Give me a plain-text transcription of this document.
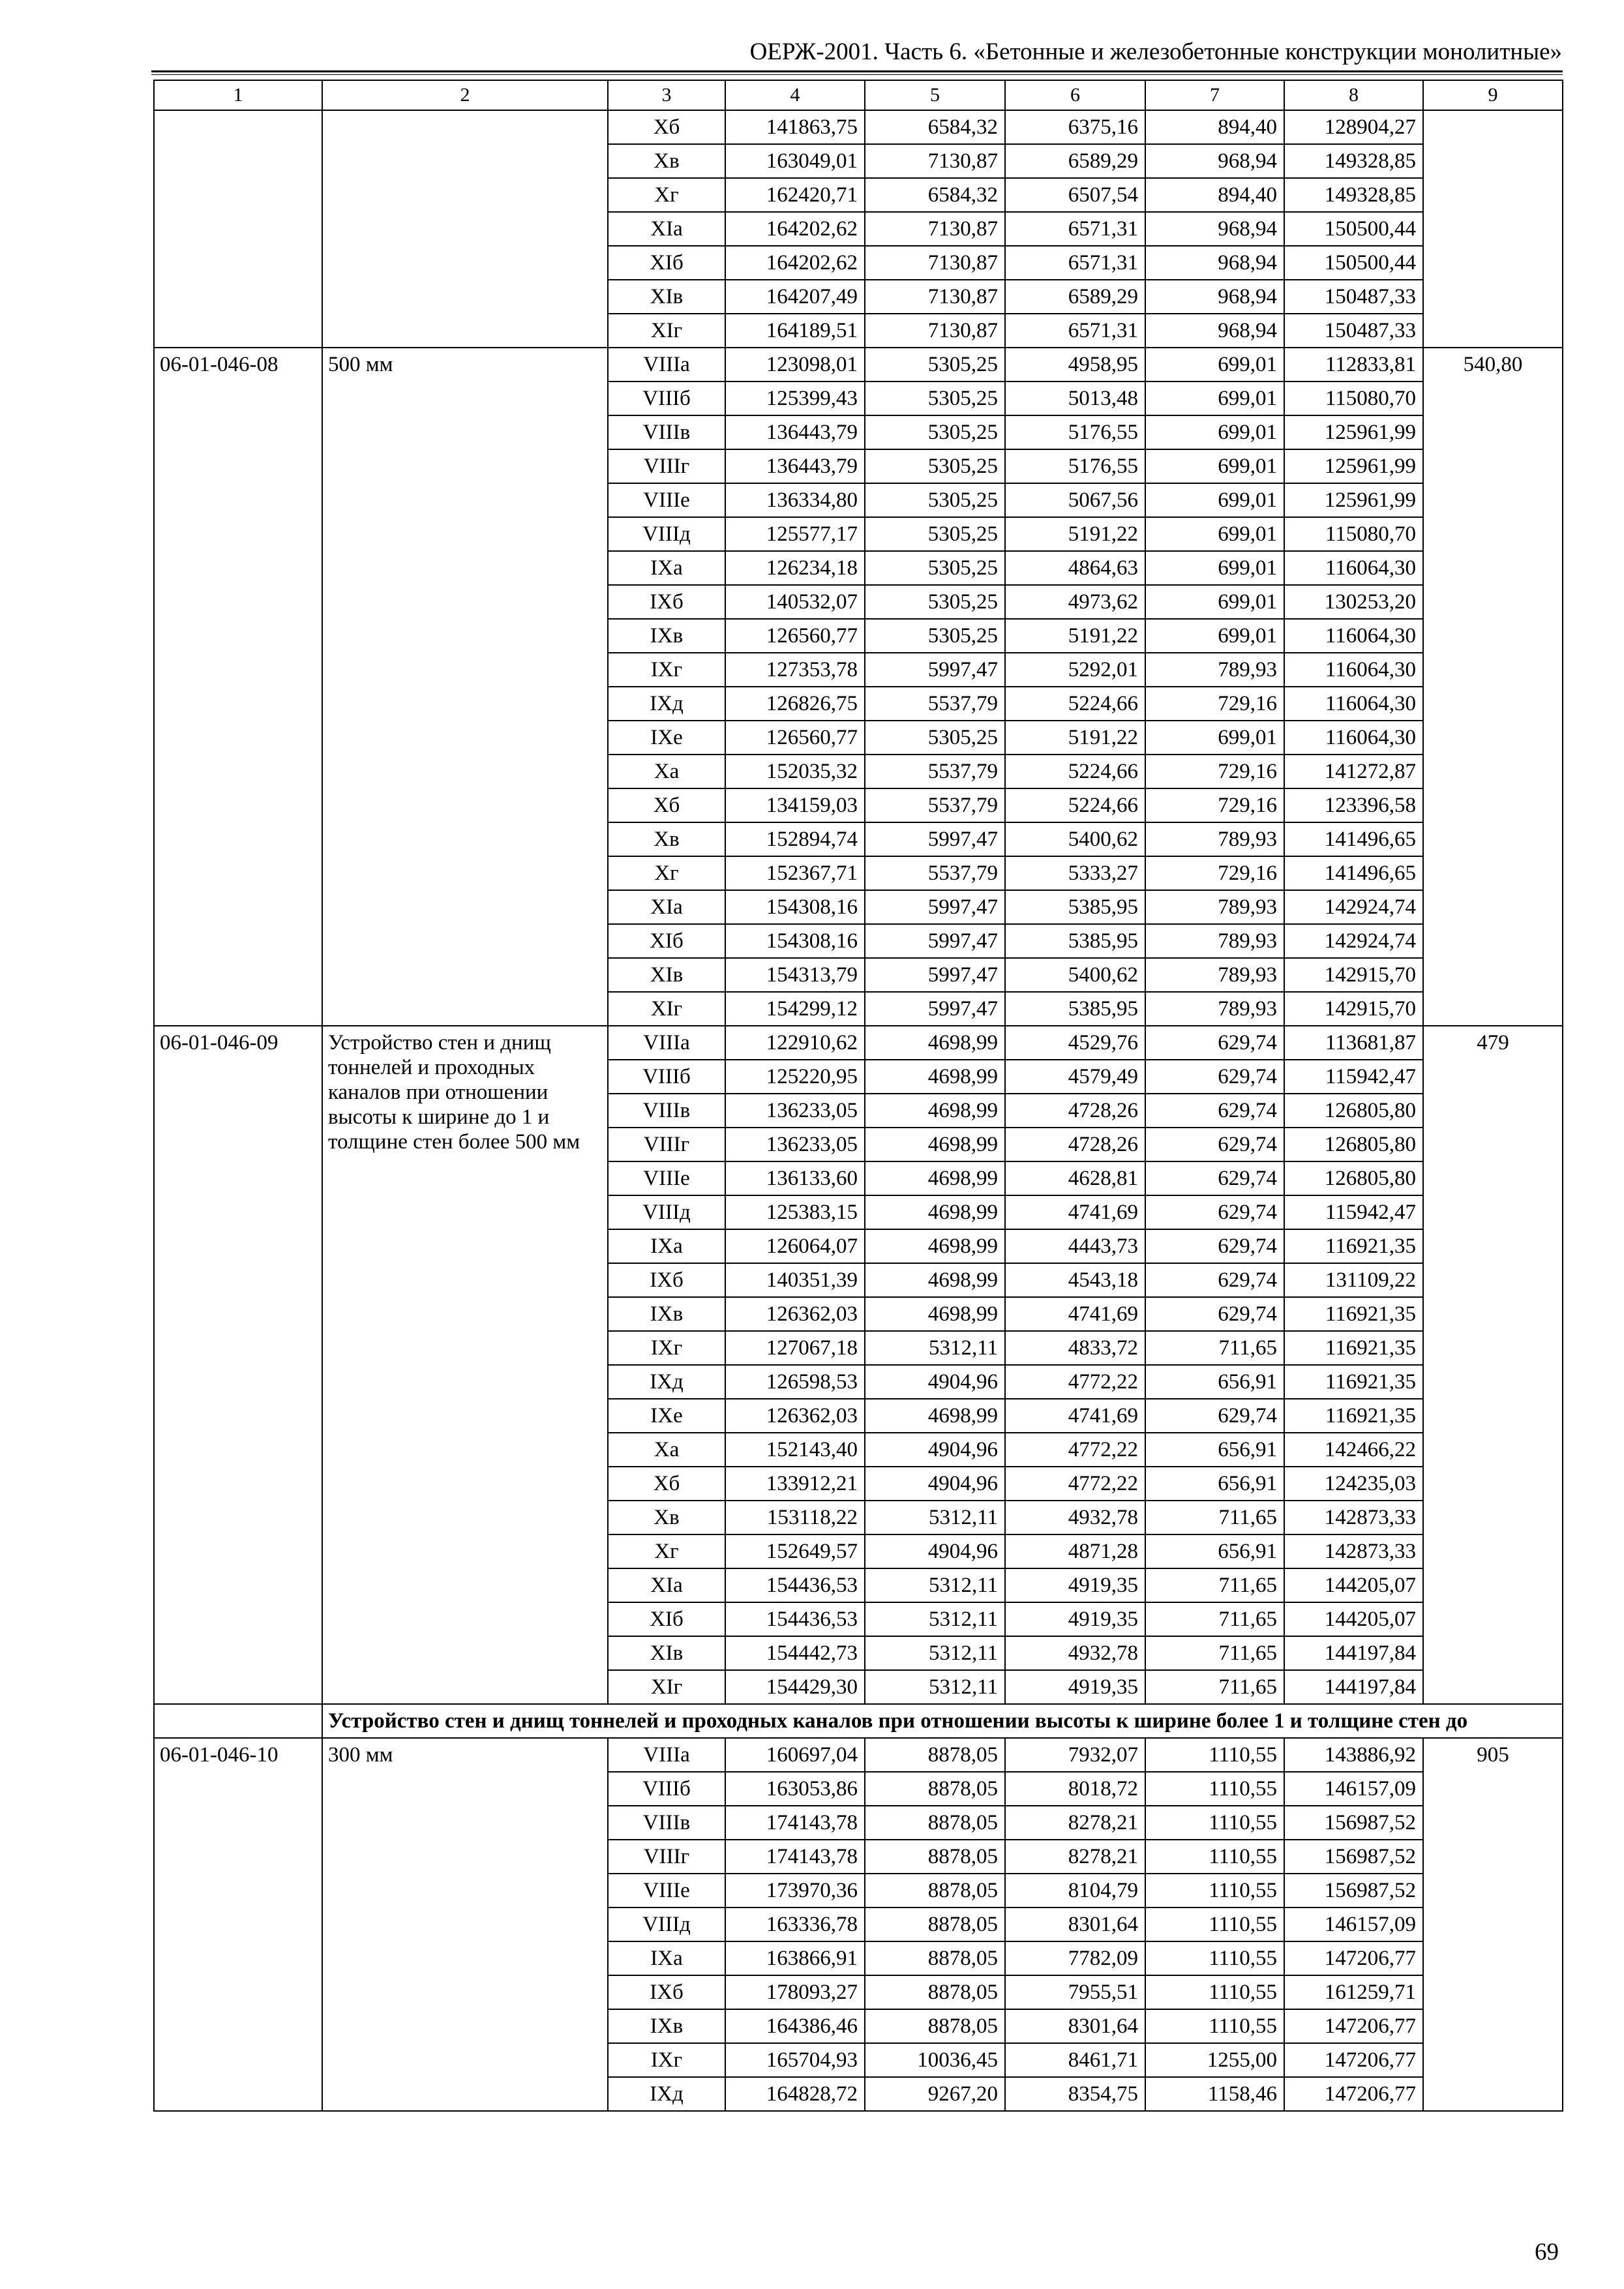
ОЕРЖ-2001. Часть 6. «Бетонные и железобетонные конструкции монолитные»
1	2	3	4	5	6	7	8	9
		Хб	141863,75	6584,32	6375,16	894,40	128904,27	
		Хв	163049,01	7130,87	6589,29	968,94	149328,85	
		Хг	162420,71	6584,32	6507,54	894,40	149328,85	
		ХIа	164202,62	7130,87	6571,31	968,94	150500,44	
		ХIб	164202,62	7130,87	6571,31	968,94	150500,44	
		ХIв	164207,49	7130,87	6589,29	968,94	150487,33	
		ХIг	164189,51	7130,87	6571,31	968,94	150487,33	
06-01-046-08	500 мм	VIIIа	123098,01	5305,25	4958,95	699,01	112833,81	540,80
		VIIIб	125399,43	5305,25	5013,48	699,01	115080,70	
		VIIIв	136443,79	5305,25	5176,55	699,01	125961,99	
		VIIIг	136443,79	5305,25	5176,55	699,01	125961,99	
		VIIIе	136334,80	5305,25	5067,56	699,01	125961,99	
		VIIIд	125577,17	5305,25	5191,22	699,01	115080,70	
		IХа	126234,18	5305,25	4864,63	699,01	116064,30	
		IХб	140532,07	5305,25	4973,62	699,01	130253,20	
		IХв	126560,77	5305,25	5191,22	699,01	116064,30	
		IХг	127353,78	5997,47	5292,01	789,93	116064,30	
		IХд	126826,75	5537,79	5224,66	729,16	116064,30	
		IХе	126560,77	5305,25	5191,22	699,01	116064,30	
		Ха	152035,32	5537,79	5224,66	729,16	141272,87	
		Хб	134159,03	5537,79	5224,66	729,16	123396,58	
		Хв	152894,74	5997,47	5400,62	789,93	141496,65	
		Хг	152367,71	5537,79	5333,27	729,16	141496,65	
		ХIа	154308,16	5997,47	5385,95	789,93	142924,74	
		ХIб	154308,16	5997,47	5385,95	789,93	142924,74	
		ХIв	154313,79	5997,47	5400,62	789,93	142915,70	
		ХIг	154299,12	5997,47	5385,95	789,93	142915,70	
06-01-046-09	Устройство стен и днищ тоннелей и проходных каналов при отношении высоты к ширине до 1 и толщине стен более 500 мм	VIIIа	122910,62	4698,99	4529,76	629,74	113681,87	479
		VIIIб	125220,95	4698,99	4579,49	629,74	115942,47	
		VIIIв	136233,05	4698,99	4728,26	629,74	126805,80	
		VIIIг	136233,05	4698,99	4728,26	629,74	126805,80	
		VIIIе	136133,60	4698,99	4628,81	629,74	126805,80	
		VIIIд	125383,15	4698,99	4741,69	629,74	115942,47	
		IХа	126064,07	4698,99	4443,73	629,74	116921,35	
		IХб	140351,39	4698,99	4543,18	629,74	131109,22	
		IХв	126362,03	4698,99	4741,69	629,74	116921,35	
		IХг	127067,18	5312,11	4833,72	711,65	116921,35	
		IХд	126598,53	4904,96	4772,22	656,91	116921,35	
		IХе	126362,03	4698,99	4741,69	629,74	116921,35	
		Ха	152143,40	4904,96	4772,22	656,91	142466,22	
		Хб	133912,21	4904,96	4772,22	656,91	124235,03	
		Хв	153118,22	5312,11	4932,78	711,65	142873,33	
		Хг	152649,57	4904,96	4871,28	656,91	142873,33	
		ХIа	154436,53	5312,11	4919,35	711,65	144205,07	
		ХIб	154436,53	5312,11	4919,35	711,65	144205,07	
		ХIв	154442,73	5312,11	4932,78	711,65	144197,84	
		ХIг	154429,30	5312,11	4919,35	711,65	144197,84	
	Устройство стен и днищ тоннелей и проходных каналов при отношении высоты к ширине более 1 и толщине стен до							
06-01-046-10	300 мм	VIIIа	160697,04	8878,05	7932,07	1110,55	143886,92	905
		VIIIб	163053,86	8878,05	8018,72	1110,55	146157,09	
		VIIIв	174143,78	8878,05	8278,21	1110,55	156987,52	
		VIIIг	174143,78	8878,05	8278,21	1110,55	156987,52	
		VIIIе	173970,36	8878,05	8104,79	1110,55	156987,52	
		VIIIд	163336,78	8878,05	8301,64	1110,55	146157,09	
		IХа	163866,91	8878,05	7782,09	1110,55	147206,77	
		IХб	178093,27	8878,05	7955,51	1110,55	161259,71	
		IХв	164386,46	8878,05	8301,64	1110,55	147206,77	
		IХг	165704,93	10036,45	8461,71	1255,00	147206,77	
		IХд	164828,72	9267,20	8354,75	1158,46	147206,77	
69
